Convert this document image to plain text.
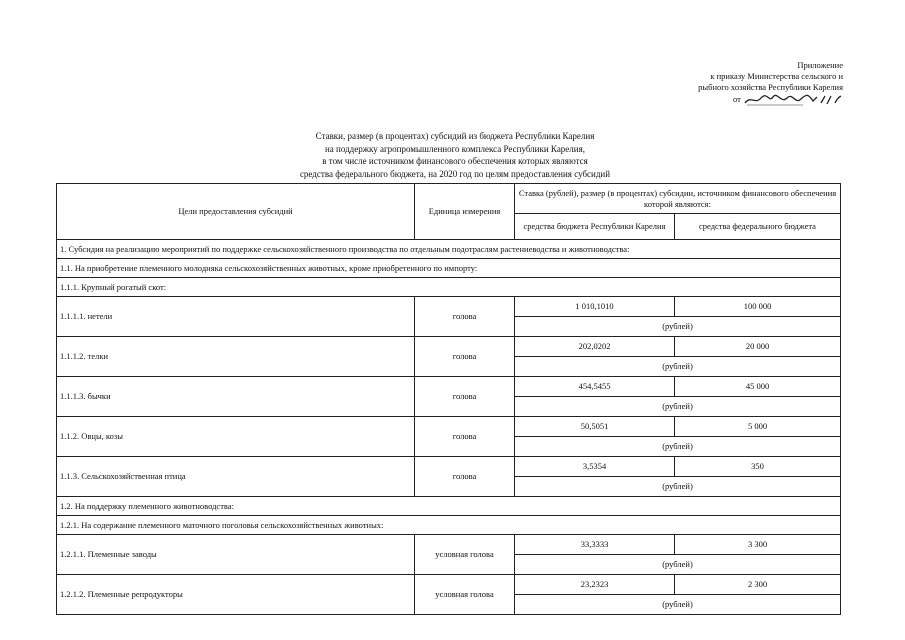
Приложение
к приказу Министерства сельского и
рыбного хозяйства Республики Карелия
от
Ставки, размер (в процентах) субсидий из бюджета Республики Карелия
на поддержку агропромышленного комплекса Республики Карелия,
в том числе источником финансового обеспечения которых являются
средства федерального бюджета, на 2020 год по целям предоставления субсидий
Цели предоставления субсидий	Единица измерения	Ставка (рублей), размер (в процентах) субсидии, источником финансового обеспечения которой являются:	
		средства бюджета Республики Карелия	средства федерального бюджета
1. Субсидия на реализацию мероприятий по поддержке сельскохозяйственного производства по отдельным подотраслям растениеводства и животноводства:			
1.1. На приобретение племенного молодняка сельскохозяйственных животных, кроме приобретенного по импорту:			
1.1.1. Крупный рогатый скот:			
1.1.1.1. нетели	голова	1 010,1010	100 000
		(рублей)	
1.1.1.2. телки	голова	202,0202	20 000
		(рублей)	
1.1.1.3. бычки	голова	454,5455	45 000
		(рублей)	
1.1.2. Овцы, козы	голова	50,5051	5 000
		(рублей)	
1.1.3. Сельскохозяйственная птица	голова	3,5354	350
		(рублей)	
1.2. На поддержку племенного животноводства:			
1.2.1. На содержание племенного маточного поголовья сельскохозяйственных животных:			
1.2.1.1. Племенные заводы	условная голова	33,3333	3 300
		(рублей)	
1.2.1.2. Племенные репродукторы	условная голова	23,2323	2 300
		(рублей)	
